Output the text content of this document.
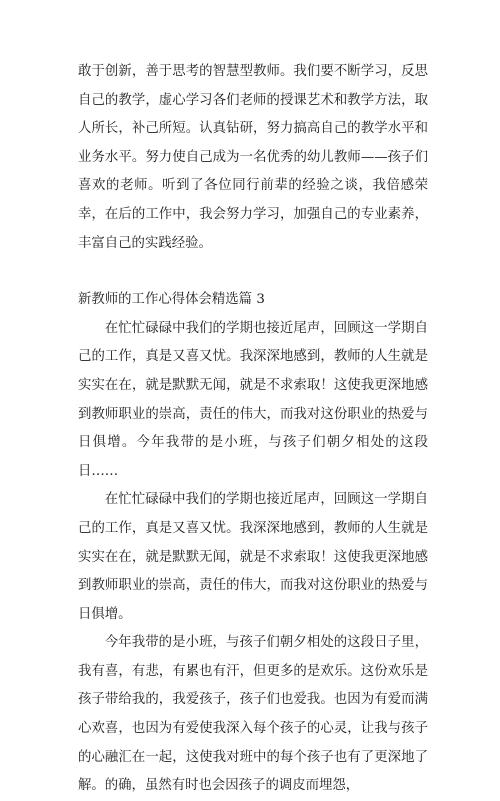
敢于创新，善于思考的智慧型教师。我们要不断学习，反思自己的教学，虚心学习各们老师的授课艺术和教学方法，取人所长，补己所短。认真钻研，努力搞高自己的教学水平和业务水平。努力使自己成为一名优秀的幼儿教师——孩子们喜欢的老师。听到了各位同行前辈的经验之谈，我倍感荣幸，在后的工作中，我会努力学习，加强自己的专业素养，丰富自己的实践经验。

新教师的工作心得体会精选篇 3

在忙忙碌碌中我们的学期也接近尾声，回顾这一学期自己的工作，真是又喜又忧。我深深地感到，教师的人生就是实实在在，就是默默无闻，就是不求索取！这使我更深地感到教师职业的崇高，责任的伟大，而我对这份职业的热爱与日俱增。今年我带的是小班，与孩子们朝夕相处的这段日……

在忙忙碌碌中我们的学期也接近尾声，回顾这一学期自己的工作，真是又喜又忧。我深深地感到，教师的人生就是实实在在，就是默默无闻，就是不求索取！这使我更深地感到教师职业的崇高，责任的伟大，而我对这份职业的热爱与日俱增。

今年我带的是小班，与孩子们朝夕相处的这段日子里，我有喜，有悲，有累也有汗，但更多的是欢乐。这份欢乐是孩子带给我的，我爱孩子，孩子们也爱我。也因为有爱而满心欢喜，也因为有爱使我深入每个孩子的心灵，让我与孩子的心融汇在一起，这使我对班中的每个孩子也有了更深地了解。的确，虽然有时也会因孩子的调皮而埋怨，
